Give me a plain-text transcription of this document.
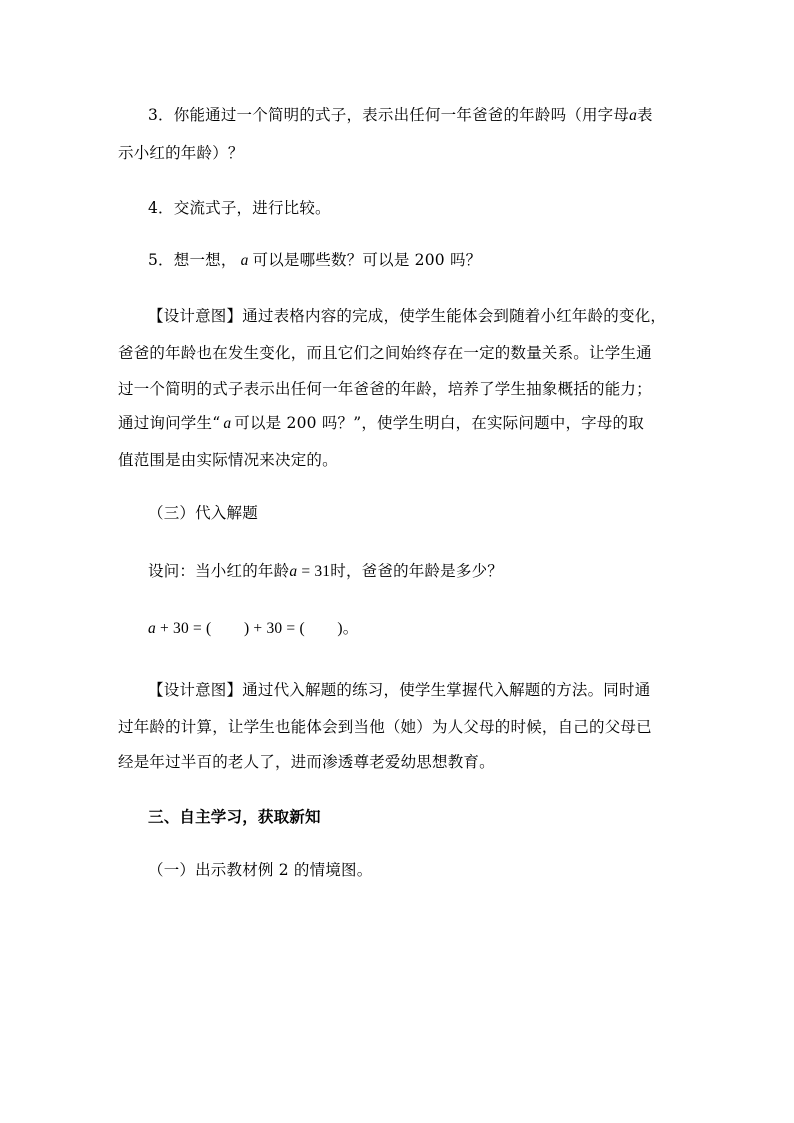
3．你能通过一个简明的式子，表示出任何一年爸爸的年龄吗（用字母a表
示小红的年龄）？
4．交流式子，进行比较。
5．想一想， a 可以是哪些数？可以是 200 吗？
【设计意图】通过表格内容的完成，使学生能体会到随着小红年龄的变化，
爸爸的年龄也在发生变化，而且它们之间始终存在一定的数量关系。让学生通
过一个简明的式子表示出任何一年爸爸的年龄，培养了学生抽象概括的能力；
通过询问学生“ a 可以是 200 吗？”，使学生明白，在实际问题中，字母的取
值范围是由实际情况来决定的。
（三）代入解题
设问：当小红的年龄a = 31时，爸爸的年龄是多少？
a + 30 = (        ) + 30 = (        )。
【设计意图】通过代入解题的练习，使学生掌握代入解题的方法。同时通
过年龄的计算，让学生也能体会到当他（她）为人父母的时候，自己的父母已
经是年过半百的老人了，进而渗透尊老爱幼思想教育。
三、自主学习，获取新知
（一）出示教材例 2 的情境图。
